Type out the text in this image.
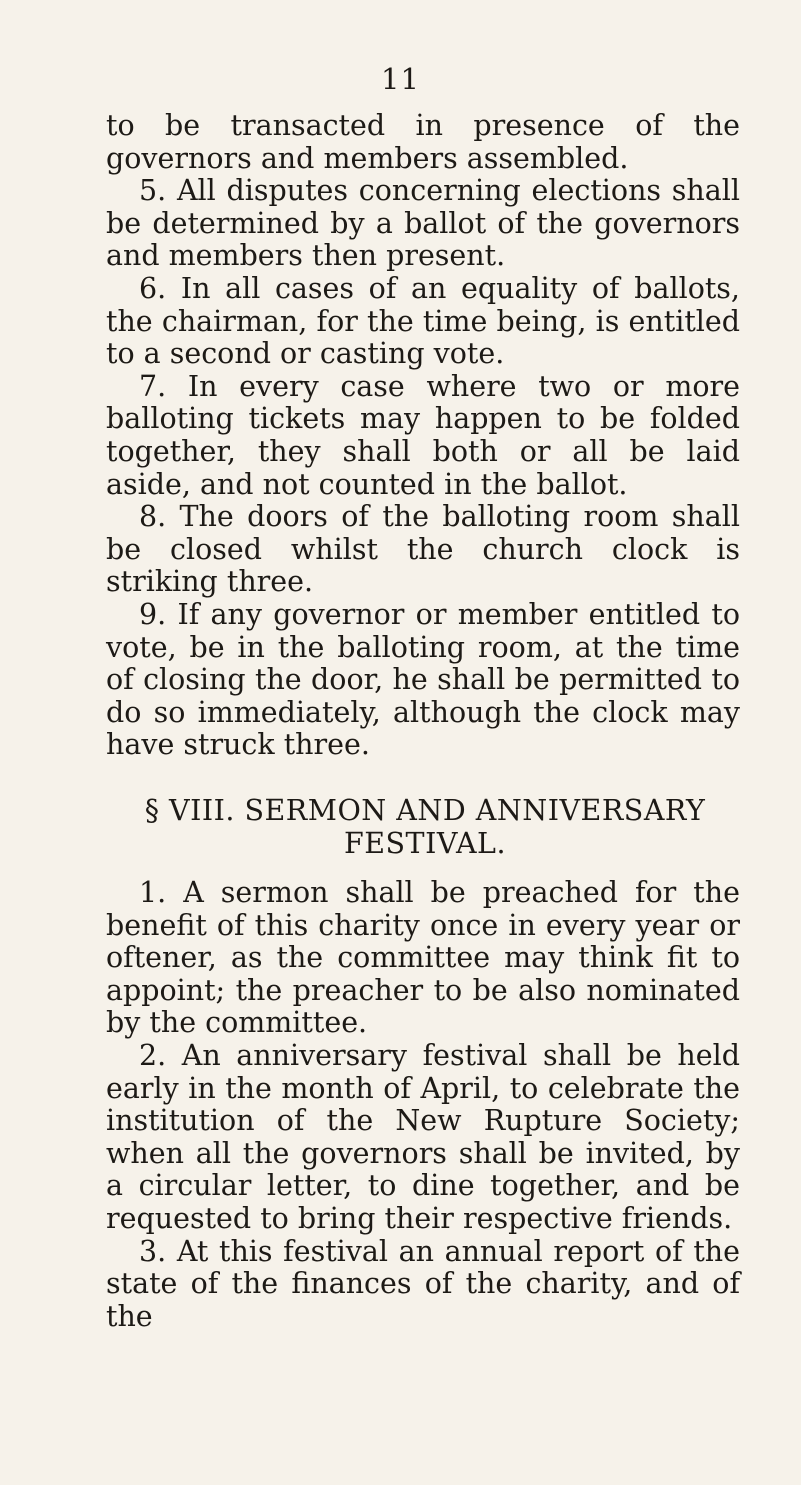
11

to be transacted in presence of the governors and members assembled.

5. All disputes concerning elections shall be determined by a ballot of the governors and members then present.

6. In all cases of an equality of ballots, the chairman, for the time being, is entitled to a second or casting vote.

7. In every case where two or more balloting tickets may happen to be folded together, they shall both or all be laid aside, and not counted in the ballot.

8. The doors of the balloting room shall be closed whilst the church clock is striking three.

9. If any governor or member entitled to vote, be in the balloting room, at the time of closing the door, he shall be permitted to do so immediately, although the clock may have struck three.

§ VIII. SERMON AND ANNIVERSARY
FESTIVAL.

1. A sermon shall be preached for the benefit of this charity once in every year or oftener, as the committee may think fit to appoint; the preacher to be also nominated by the committee.

2. An anniversary festival shall be held early in the month of April, to celebrate the institution of the New Rupture Society; when all the governors shall be invited, by a circular letter, to dine together, and be requested to bring their respective friends.

3. At this festival an annual report of the state of the finances of the charity, and of the
